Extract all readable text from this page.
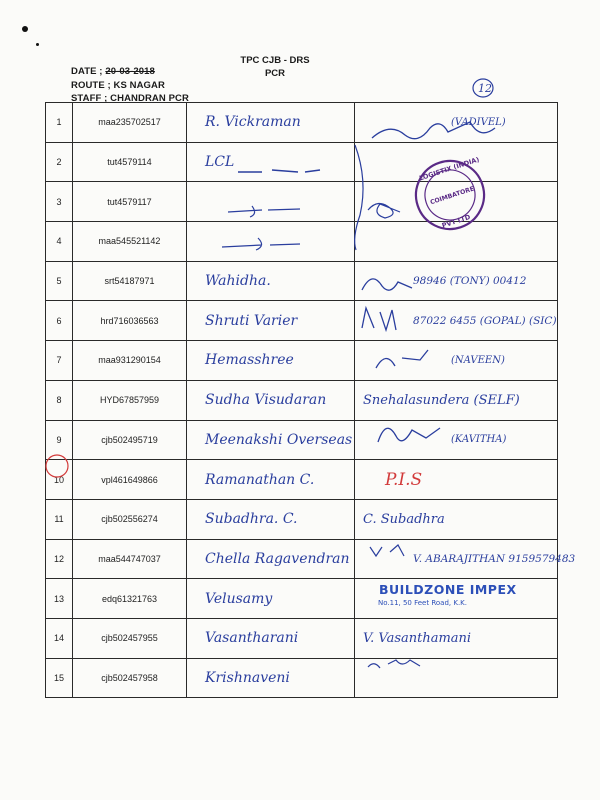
TPC CJB - DRS
PCR
DATE ; 20-03-2018
ROUTE ; KS NAGAR
STAFF ; CHANDRAN PCR
1	maa235702517	R. Vickraman	(VADIVEL)
2	tut4579114	LCL	
3	tut4579117		
4	maa545521142		
5	srt54187971	Wahidha.	98946 (TONY) 00412
6	hrd716036563	Shruti Varier	87022 6455 (GOPAL) (SIC)
7	maa931290154	Hemasshree	(NAVEEN)
8	HYD67857959	Sudha Visudaran	Snehalasundera (SELF)
9	cjb502495719	Meenakshi Overseas	(KAVITHA)
10	vpl461649866	Ramanathan C.	P.I.S
11	cjb502556274	Subadhra. C.	C. Subadhra
12	maa544747037	Chella Ragavendran	V. ABARAJITHAN 9159579483
13	edq61321763	Velusamy	BUILDZONE IMPEX
14	cjb502457955	Vasantharani	V. Vasanthamani
15	cjb502457958	Krishnaveni	
12
LOGISTIX (INDIA)
COIMBATORE
PVT LTD
No.11, 50 Feet Road, K.K.
